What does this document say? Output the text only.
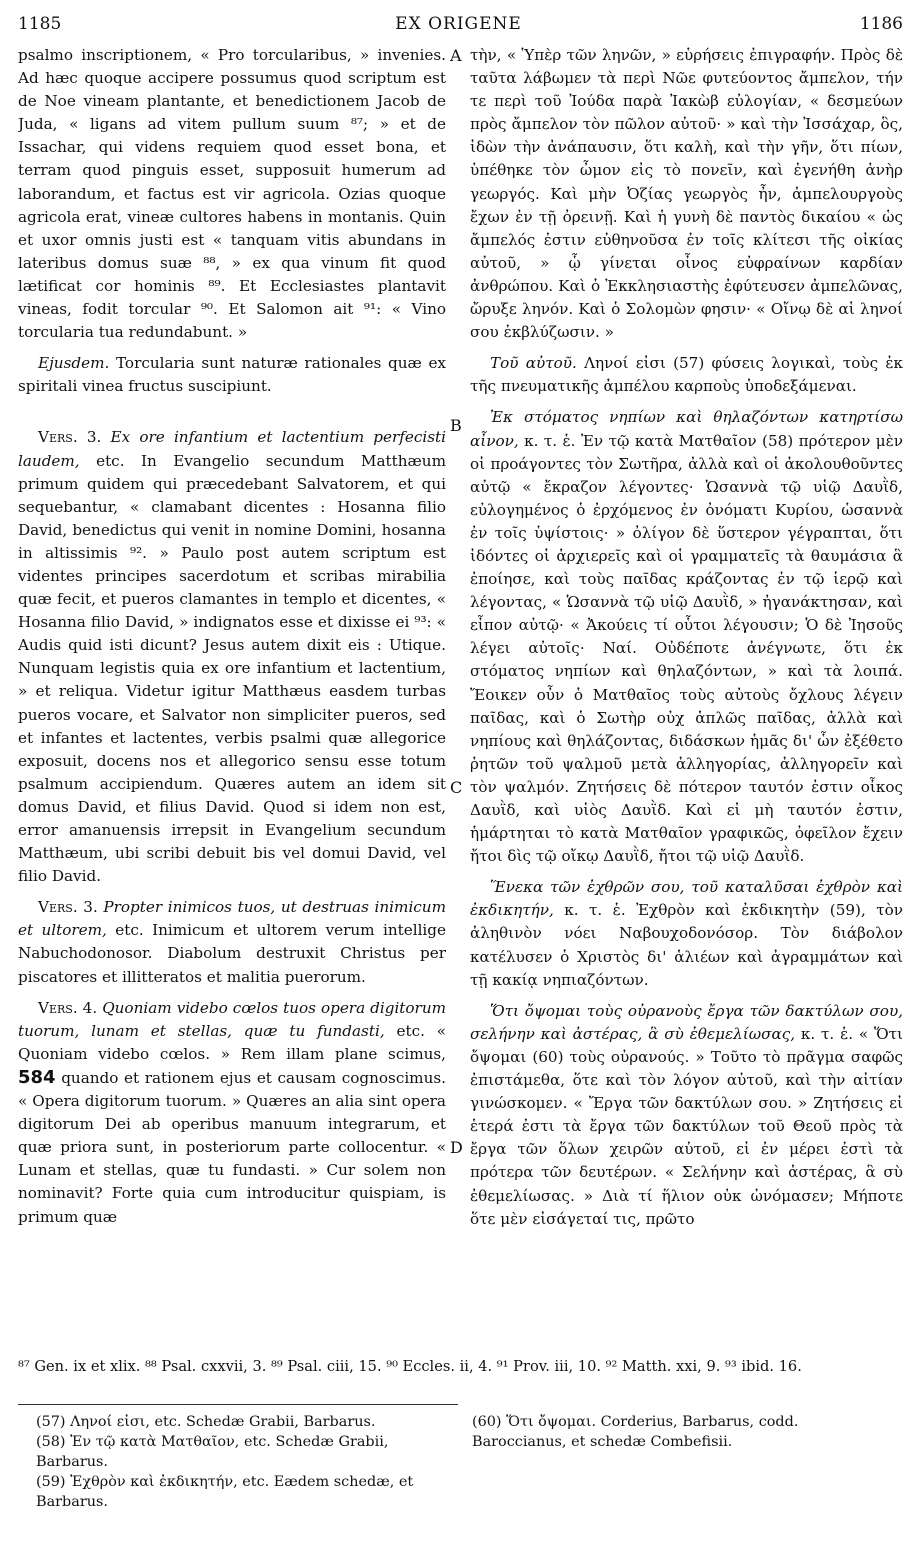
1185	EX ORIGENE	1186

psalmo inscriptionem, « Pro torcularibus, » invenies. Ad hæc quoque accipere possumus quod scriptum est de Noe vineam plantante, et benedictionem Jacob de Juda, « ligans ad vitem pullum suum ⁸⁷; » et de Issachar, qui videns requiem quod esset bona, et terram quod pinguis esset, supposuit humerum ad laborandum, et factus est vir agricola. Ozias quoque agricola erat, vineæ cultores habens in montanis. Quin et uxor omnis justi est « tanquam vitis abundans in lateribus domus suæ ⁸⁸, » ex qua vinum fit quod lætificat cor hominis ⁸⁹. Et Ecclesiastes plantavit vineas, fodit torcular ⁹⁰. Et Salomon ait ⁹¹: « Vino torcularia tua redundabunt. »

Ejusdem. Torcularia sunt naturæ rationales quæ ex spiritali vinea fructus suscipiunt.

Vers. 3. Ex ore infantium et lactentium perfecisti laudem, etc. In Evangelio secundum Matthæum primum quidem qui præcedebant Salvatorem, et qui sequebantur, « clamabant dicentes : Hosanna filio David, benedictus qui venit in nomine Domini, hosanna in altissimis ⁹². » Paulo post autem scriptum est videntes principes sacerdotum et scribas mirabilia quæ fecit, et pueros clamantes in templo et dicentes, « Hosanna filio David, » indignatos esse et dixisse ei ⁹³: « Audis quid isti dicunt? Jesus autem dixit eis : Utique. Nunquam legistis quia ex ore infantium et lactentium, » et reliqua. Videtur igitur Matthæus easdem turbas pueros vocare, et Salvator non simpliciter pueros, sed et infantes et lactentes, verbis psalmi quæ allegorice exposuit, docens nos et allegorico sensu esse totum psalmum accipiendum. Quæres autem an idem sit domus David, et filius David. Quod si idem non est, error amanuensis irrepsit in Evangelium secundum Matthæum, ubi scribi debuit bis vel domui David, vel filio David.

Vers. 3. Propter inimicos tuos, ut destruas inimicum et ultorem, etc. Inimicum et ultorem verum intellige Nabuchodonosor. Diabolum destruxit Christus per piscatores et illitteratos et malitia puerorum.

Vers. 4. Quoniam videbo cœlos tuos opera digitorum tuorum, lunam et stellas, quæ tu fundasti, etc. « Quoniam videbo cœlos. » Rem illam plane scimus, 584 quando et rationem ejus et causam cognoscimus. « Opera digitorum tuorum. » Quæres an alia sint opera digitorum Dei ab operibus manuum integrarum, et quæ priora sunt, in posteriorum parte collocentur. « Lunam et stellas, quæ tu fundasti. » Cur solem non nominavit? Forte quia cum introducitur quispiam, is primum quæ

A
B
C
D

τὴν, « Ὑπὲρ τῶν ληνῶν, » εὑρήσεις ἐπιγραφήν. Πρὸς δὲ ταῦτα λάβωμεν τὰ περὶ Νῶε φυτεύοντος ἄμπελον, τήν τε περὶ τοῦ Ἰούδα παρὰ Ἰακὼβ εὐλογίαν, « δεσμεύων πρὸς ἄμπελον τὸν πῶλον αὐτοῦ· » καὶ τὴν Ἰσσάχαρ, ὃς, ἰδὼν τὴν ἀνάπαυσιν, ὅτι καλὴ, καὶ τὴν γῆν, ὅτι πίων, ὑπέθηκε τὸν ὦμον εἰς τὸ πονεῖν, καὶ ἐγενήθη ἀνὴρ γεωργός. Καὶ μὴν Ὀζίας γεωργὸς ἦν, ἀμπελουργοὺς ἔχων ἐν τῇ ὀρεινῇ. Καὶ ἡ γυνὴ δὲ παντὸς δικαίου « ὡς ἄμπελός ἐστιν εὐθηνοῦσα ἐν τοῖς κλίτεσι τῆς οἰκίας αὐτοῦ, » ᾧ γίνεται οἶνος εὐφραίνων καρδίαν ἀνθρώπου. Καὶ ὁ Ἐκκλησιαστὴς ἐφύτευσεν ἀμπελῶνας, ὤρυξε ληνόν. Καὶ ὁ Σολομὼν φησιν· « Οἴνῳ δὲ αἱ ληνοί σου ἐκβλύζωσιν. »

Τοῦ αὐτοῦ. Ληνοί εἰσι (57) φύσεις λογικαὶ, τοὺς ἐκ τῆς πνευματικῆς ἀμπέλου καρποὺς ὑποδεξάμεναι.

Ἐκ στόματος νηπίων καὶ θηλαζόντων κατηρτίσω αἶνον, κ. τ. ἑ. Ἐν τῷ κατὰ Ματθαῖον (58) πρότερον μὲν οἱ προάγοντες τὸν Σωτῆρα, ἀλλὰ καὶ οἱ ἀκολουθοῦντες αὐτῷ « ἔκραζον λέγοντες· Ὡσαννὰ τῷ υἱῷ Δαυῒδ, εὐλογημένος ὁ ἐρχόμενος ἐν ὀνόματι Κυρίου, ὡσαννὰ ἐν τοῖς ὑψίστοις· » ὀλίγον δὲ ὕστερον γέγραπται, ὅτι ἰδόντες οἱ ἀρχιερεῖς καὶ οἱ γραμματεῖς τὰ θαυμάσια ἃ ἐποίησε, καὶ τοὺς παῖδας κράζοντας ἐν τῷ ἱερῷ καὶ λέγοντας, « Ὡσαννὰ τῷ υἱῷ Δαυῒδ, » ἠγανάκτησαν, καὶ εἶπον αὐτῷ· « Ἀκούεις τί οὗτοι λέγουσιν; Ὁ δὲ Ἰησοῦς λέγει αὐτοῖς· Ναί. Οὐδέποτε ἀνέγνωτε, ὅτι ἐκ στόματος νηπίων καὶ θηλαζόντων, » καὶ τὰ λοιπά. Ἔοικεν οὖν ὁ Ματθαῖος τοὺς αὐτοὺς ὄχλους λέγειν παῖδας, καὶ ὁ Σωτὴρ οὐχ ἁπλῶς παῖδας, ἀλλὰ καὶ νηπίους καὶ θηλάζοντας, διδάσκων ἡμᾶς δι' ὧν ἐξέθετο ῥητῶν τοῦ ψαλμοῦ μετὰ ἀλληγορίας, ἀλληγορεῖν καὶ τὸν ψαλμόν. Ζητήσεις δὲ πότερον ταυτόν ἐστιν οἶκος Δαυῒδ, καὶ υἱὸς Δαυῒδ. Καὶ εἰ μὴ ταυτόν ἐστιν, ἡμάρτηται τὸ κατὰ Ματθαῖον γραφικῶς, ὀφεῖλον ἔχειν ἤτοι δὶς τῷ οἴκῳ Δαυῒδ, ἤτοι τῷ υἱῷ Δαυῒδ.

Ἕνεκα τῶν ἐχθρῶν σου, τοῦ καταλῦσαι ἐχθρὸν καὶ ἐκδικητήν, κ. τ. ἑ. Ἐχθρὸν καὶ ἐκδικητὴν (59), τὸν ἀληθινὸν νόει Ναβουχοδονόσορ. Τὸν διάβολον κατέλυσεν ὁ Χριστὸς δι' ἁλιέων καὶ ἀγραμμάτων καὶ τῇ κακίᾳ νηπιαζόντων.

Ὅτι ὄψομαι τοὺς οὐρανοὺς ἔργα τῶν δακτύλων σου, σελήνην καὶ ἀστέρας, ἃ σὺ ἐθεμελίωσας, κ. τ. ἑ. « Ὅτι ὄψομαι (60) τοὺς οὐρανούς. » Τοῦτο τὸ πρᾶγμα σαφῶς ἐπιστάμεθα, ὅτε καὶ τὸν λόγον αὐτοῦ, καὶ τὴν αἰτίαν γινώσκομεν. « Ἔργα τῶν δακτύλων σου. » Ζητήσεις εἰ ἑτερά ἐστι τὰ ἔργα τῶν δακτύλων τοῦ Θεοῦ πρὸς τὰ ἔργα τῶν ὅλων χειρῶν αὐτοῦ, εἰ ἐν μέρει ἐστὶ τὰ πρότερα τῶν δευτέρων. « Σελήνην καὶ ἀστέρας, ἃ σὺ ἐθεμελίωσας. » Διὰ τί ἥλιον οὐκ ὠνόμασεν; Μήποτε ὅτε μὲν εἰσάγεταί τις, πρῶτο

⁸⁷ Gen. ix et xlix. ⁸⁸ Psal. cxxvii, 3. ⁸⁹ Psal. ciii, 15. ⁹⁰ Eccles. ii, 4. ⁹¹ Prov. iii, 10. ⁹² Matth. xxi, 9. ⁹³ ibid. 16.

(57) Ληνοί εἰσι, etc. Schedæ Grabii, Barbarus.

(58) Ἐν τῷ κατὰ Ματθαῖον, etc. Schedæ Grabii, Barbarus.

(59) Ἐχθρὸν καὶ ἐκδικητήν, etc. Eædem schedæ, et Barbarus.

(60) Ὅτι ὄψομαι. Corderius, Barbarus, codd. Baroccianus, et schedæ Combefisii.
